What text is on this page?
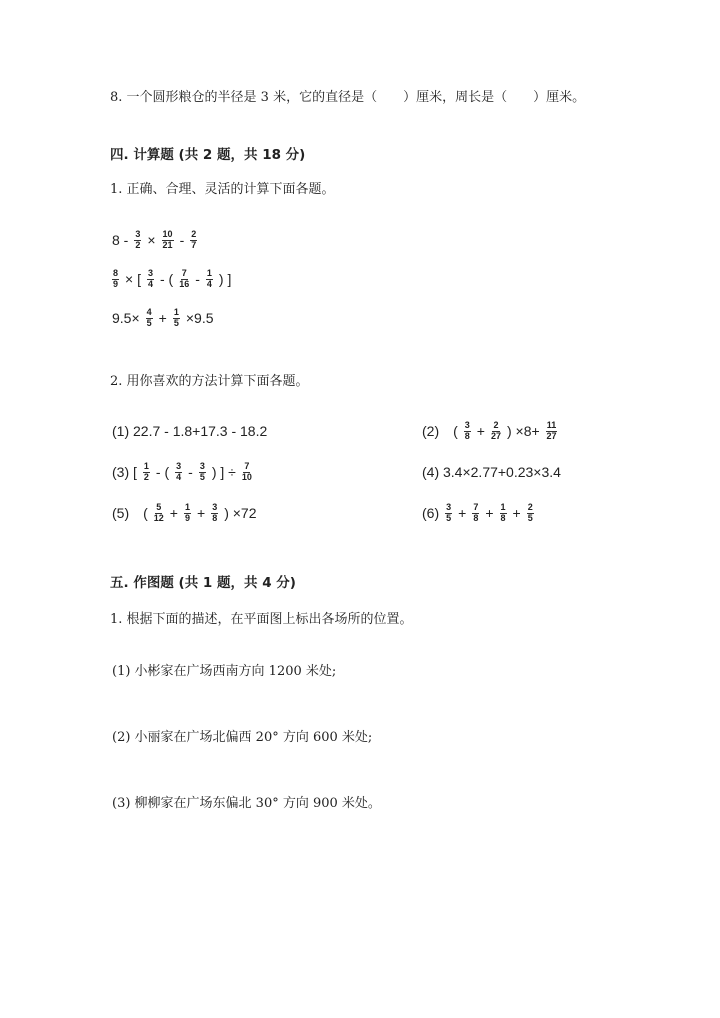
8. 一个圆形粮仓的半径是 3 米，它的直径是（　　）厘米，周长是（　　）厘米。
四. 计算题 (共 2 题，共 18 分)
1. 正确、合理、灵活的计算下面各题。
$8 - \frac{3}{2} \times \frac{10}{21} - \frac{2}{7}$
$\frac{8}{9}$ × [ $\frac{3}{4}$ - ( $\frac{7}{16} - \frac{1}{4}$ ) ]
$9.5\times \frac{4}{5} + \frac{1}{5} \times 9.5$
2. 用你喜欢的方法计算下面各题。
(1) 22.7 - 1.8+17.3 - 18.2	(2)　( $\frac{3}{8} + \frac{2}{27}$ ) $\times 8+ \frac{11}{27}$
(3) [ $\frac{1}{2}$ - ( $\frac{3}{4} - \frac{3}{5}$ ) ] ÷ $\frac{7}{10}$	(4) 3.4×2.77+0.23×3.4
(5)　( $\frac{5}{12} + \frac{1}{9} + \frac{3}{8}$ ) ×72	$(6) \frac{3}{5} + \frac{7}{8} + \frac{1}{8} + \frac{2}{5}$
五. 作图题 (共 1 题，共 4 分)
1. 根据下面的描述，在平面图上标出各场所的位置。
(1) 小彬家在广场西南方向 1200 米处;
(2) 小丽家在广场北偏西 20° 方向 600 米处;
(3) 柳柳家在广场东偏北 30° 方向 900 米处。
